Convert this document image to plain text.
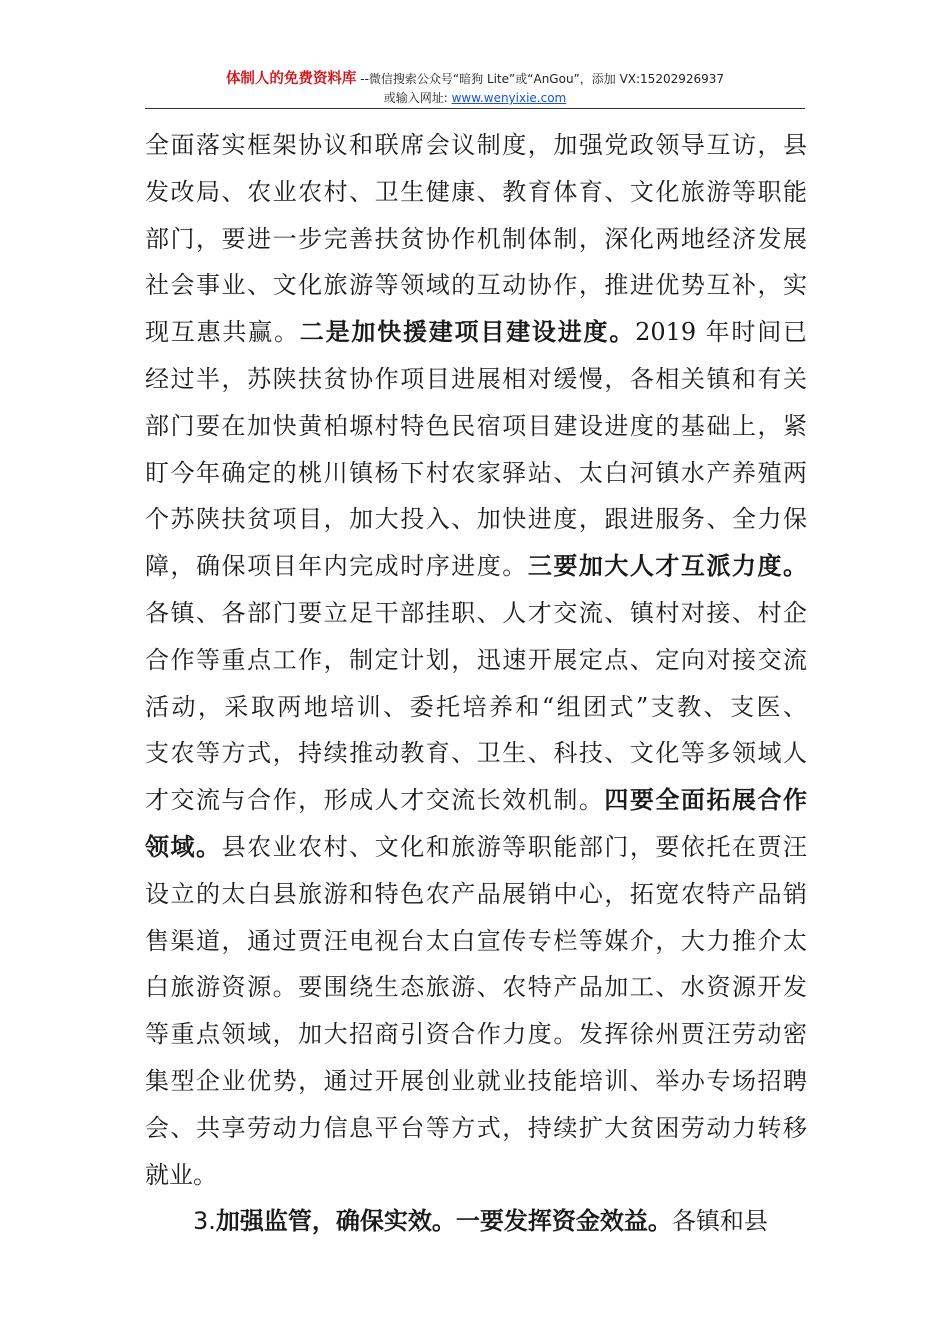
体制人的免费资料库 --微信搜索公众号“暗狗 Lite”或“AnGou”，添加 VX:15202926937
或输入网址: www.wenyixie.com
全面落实框架协议和联席会议制度，加强党政领导互访，县
发改局、农业农村、卫生健康、教育体育、文化旅游等职能
部门，要进一步完善扶贫协作机制体制，深化两地经济发展
社会事业、文化旅游等领域的互动协作，推进优势互补，实
现互惠共赢。二是加快援建项目建设进度。2019 年时间已
经过半，苏陕扶贫协作项目进展相对缓慢，各相关镇和有关
部门要在加快黄柏塬村特色民宿项目建设进度的基础上，紧
盯今年确定的桃川镇杨下村农家驿站、太白河镇水产养殖两
个苏陕扶贫项目，加大投入、加快进度，跟进服务、全力保
障，确保项目年内完成时序进度。三要加大人才互派力度。
各镇、各部门要立足干部挂职、人才交流、镇村对接、村企
合作等重点工作，制定计划，迅速开展定点、定向对接交流
活动，采取两地培训、委托培养和“组团式”支教、支医、
支农等方式，持续推动教育、卫生、科技、文化等多领域人
才交流与合作，形成人才交流长效机制。四要全面拓展合作
领域。县农业农村、文化和旅游等职能部门，要依托在贾汪
设立的太白县旅游和特色农产品展销中心，拓宽农特产品销
售渠道，通过贾汪电视台太白宣传专栏等媒介，大力推介太
白旅游资源。要围绕生态旅游、农特产品加工、水资源开发
等重点领域，加大招商引资合作力度。发挥徐州贾汪劳动密
集型企业优势，通过开展创业就业技能培训、举办专场招聘
会、共享劳动力信息平台等方式，持续扩大贫困劳动力转移
就业。
3.加强监管，确保实效。一要发挥资金效益。各镇和县
